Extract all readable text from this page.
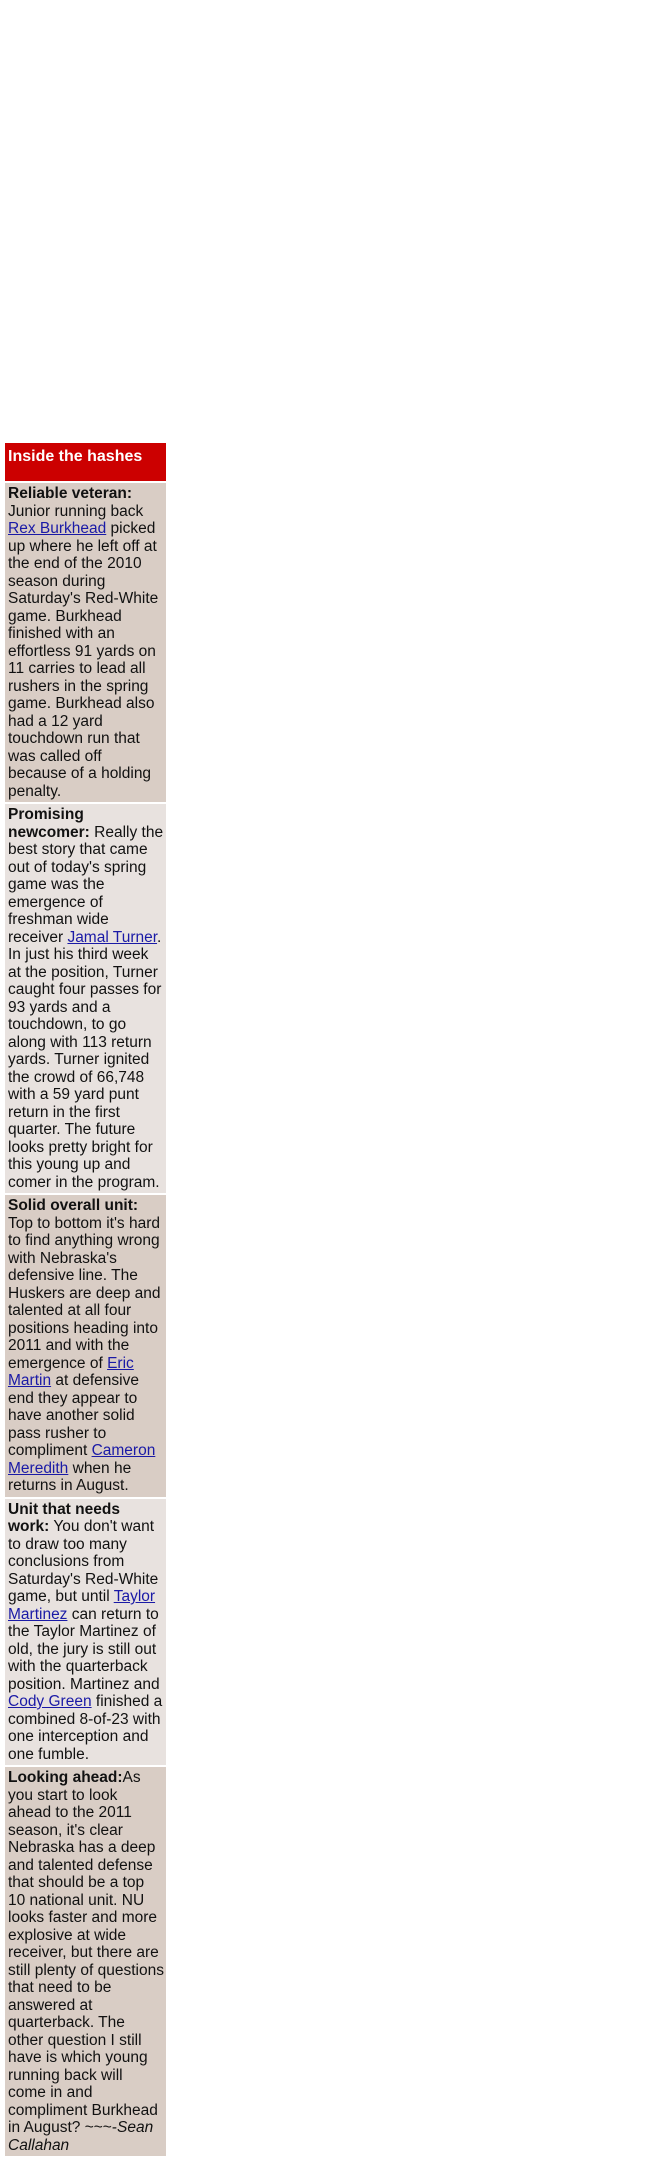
Inside the hashes
Reliable veteran: Junior running back Rex Burkhead picked up where he left off at the end of the 2010 season during Saturday's Red-White game. Burkhead finished with an effortless 91 yards on 11 carries to lead all rushers in the spring game. Burkhead also had a 12 yard touchdown run that was called off because of a holding penalty.
Promising newcomer: Really the best story that came out of today's spring game was the emergence of freshman wide receiver Jamal Turner. In just his third week at the position, Turner caught four passes for 93 yards and a touchdown, to go along with 113 return yards. Turner ignited the crowd of 66,748 with a 59 yard punt return in the first quarter. The future looks pretty bright for this young up and comer in the program.
Solid overall unit: Top to bottom it's hard to find anything wrong with Nebraska's defensive line. The Huskers are deep and talented at all four positions heading into 2011 and with the emergence of Eric Martin at defensive end they appear to have another solid pass rusher to compliment Cameron Meredith when he returns in August.
Unit that needs work: You don't want to draw too many conclusions from Saturday's Red-White game, but until Taylor Martinez can return to the Taylor Martinez of old, the jury is still out with the quarterback position. Martinez and Cody Green finished a combined 8-of-23 with one interception and one fumble.
Looking ahead:As you start to look ahead to the 2011 season, it's clear Nebraska has a deep and talented defense that should be a top 10 national unit. NU looks faster and more explosive at wide receiver, but there are still plenty of questions that need to be answered at quarterback. The other question I still have is which young running back will come in and compliment Burkhead in August? ~~~-Sean Callahan
